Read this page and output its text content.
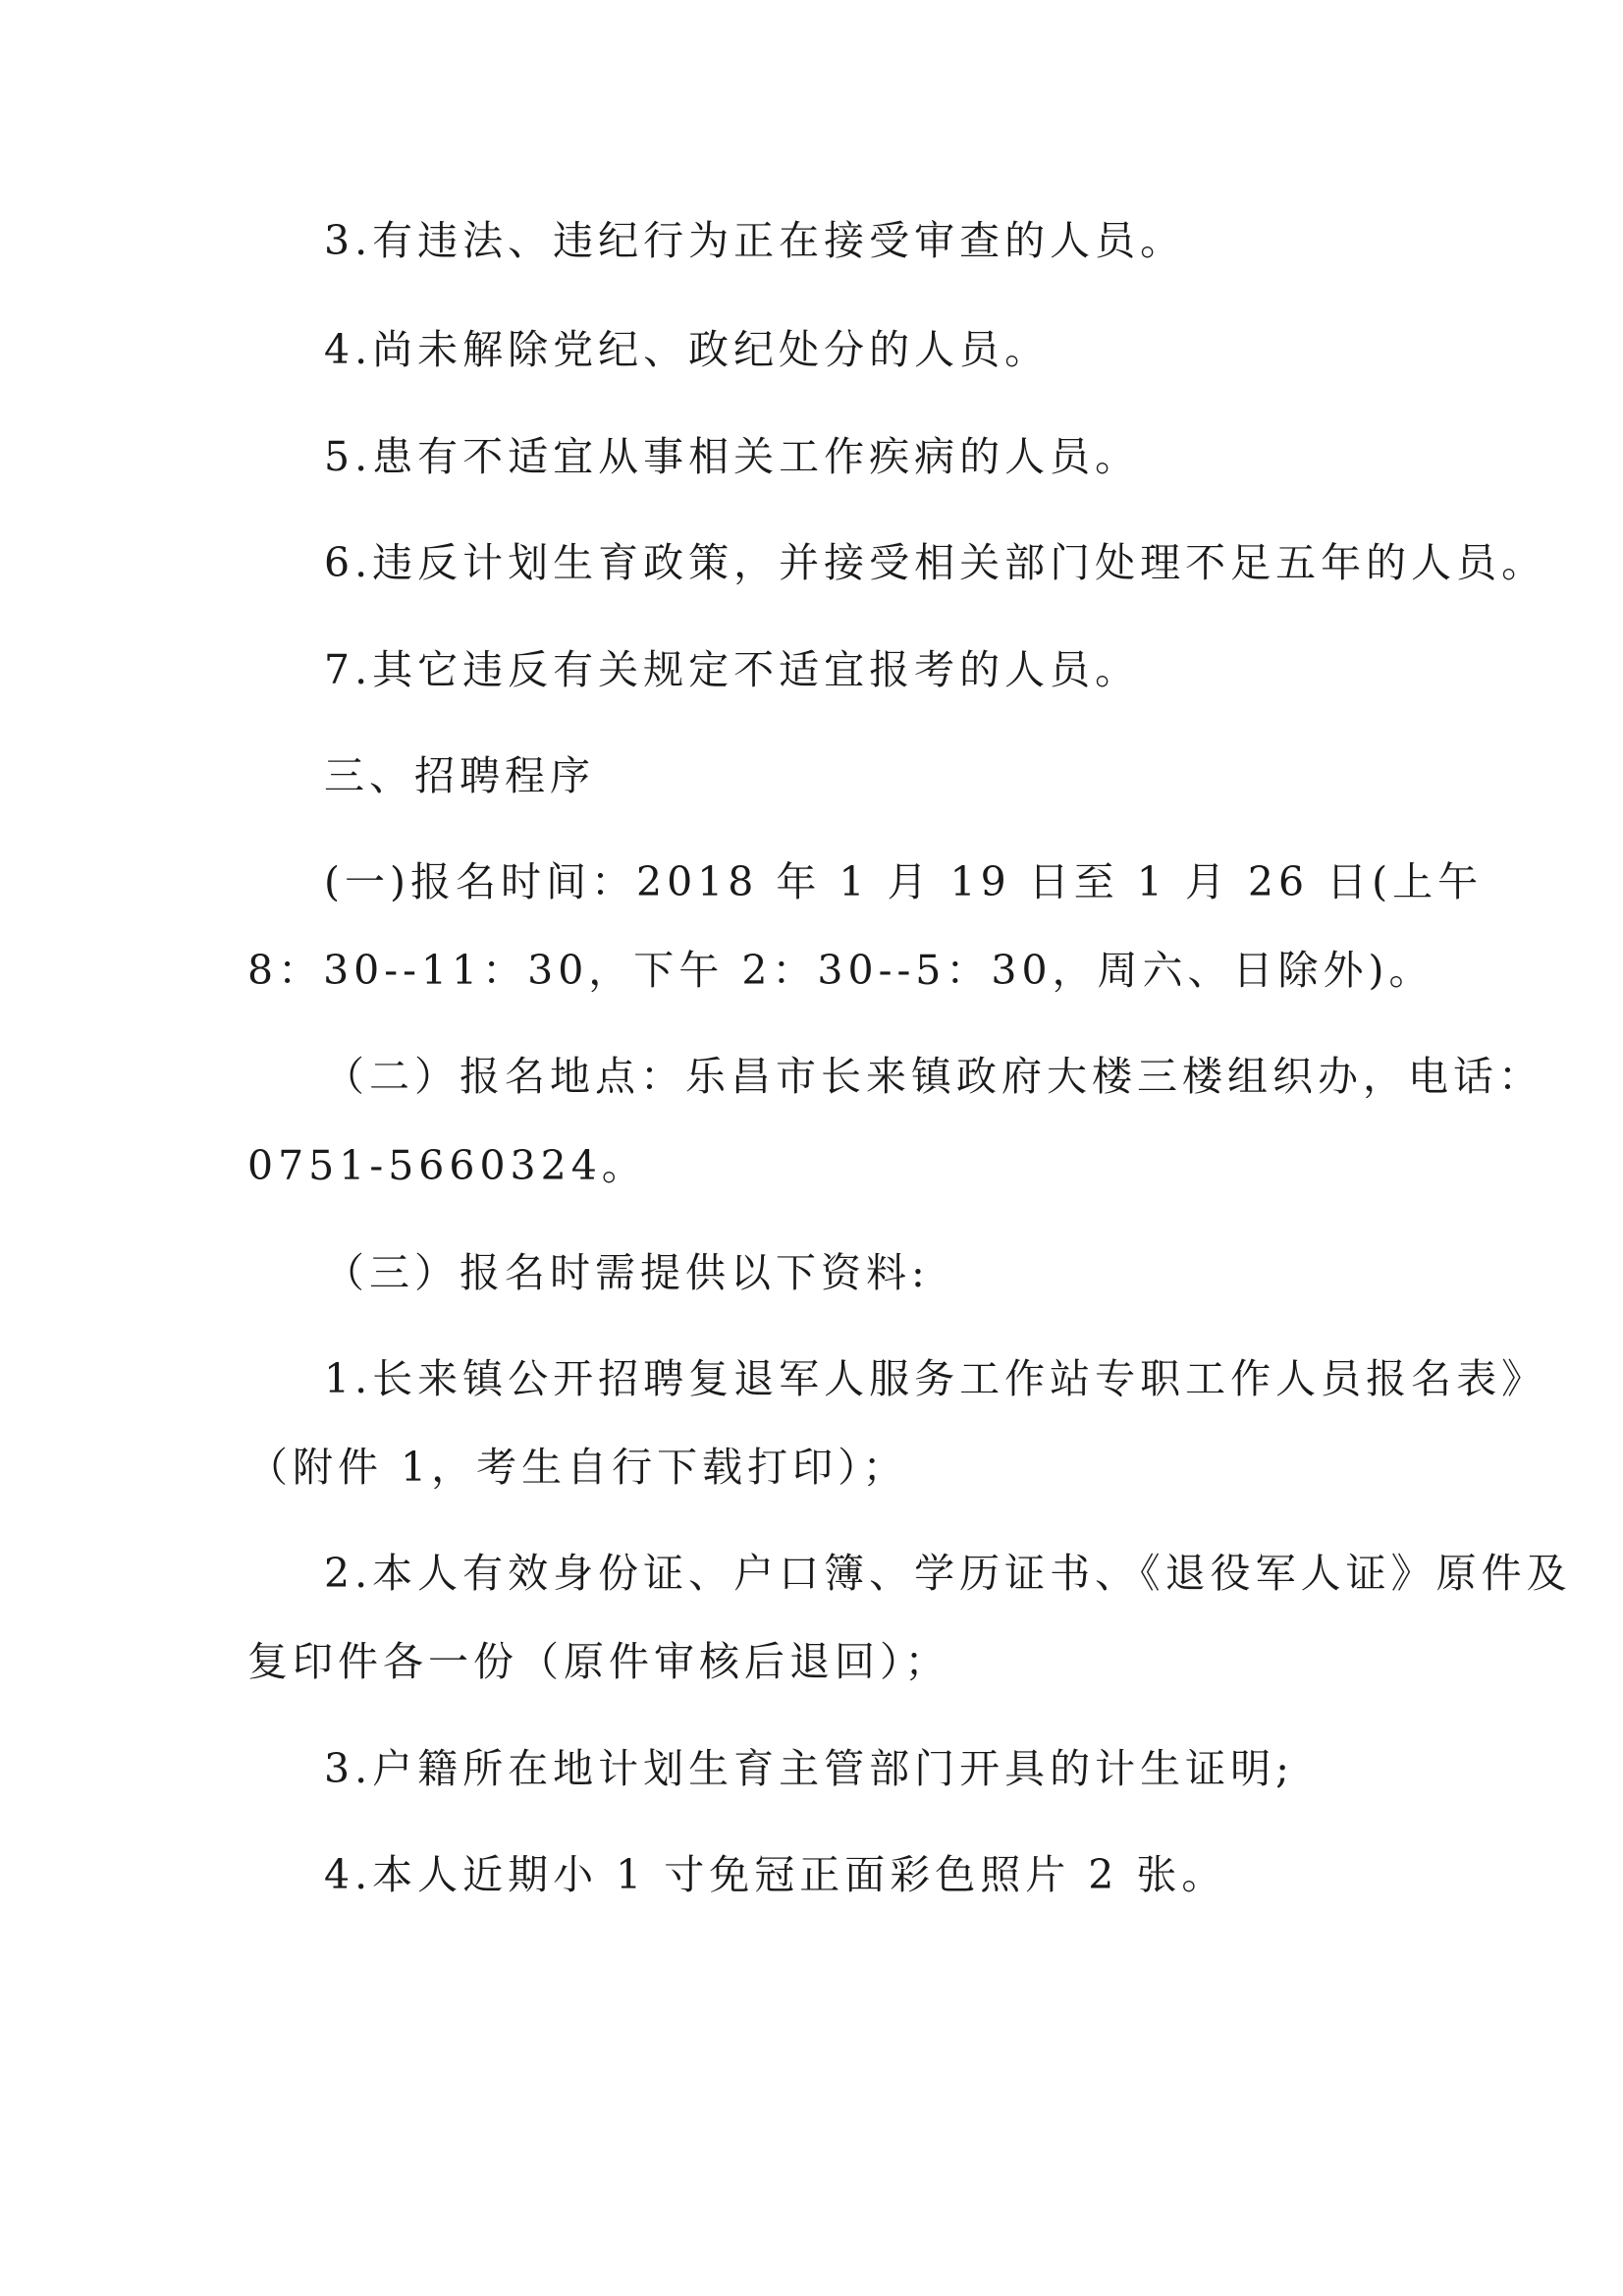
3.有违法、违纪行为正在接受审查的人员。
4.尚未解除党纪、政纪处分的人员。
5.患有不适宜从事相关工作疾病的人员。
6.违反计划生育政策，并接受相关部门处理不足五年的人员。
7.其它违反有关规定不适宜报考的人员。
三、招聘程序
(一)报名时间：2018 年 1 月 19 日至 1 月 26 日(上午
8：30--11：30，下午 2：30--5：30，周六、日除外)。
（二）报名地点：乐昌市长来镇政府大楼三楼组织办，电话：
0751-5660324。
（三）报名时需提供以下资料:
1.长来镇公开招聘复退军人服务工作站专职工作人员报名表》
（附件 1，考生自行下载打印）；
2.本人有效身份证、户口簿、学历证书、《退役军人证》原件及
复印件各一份（原件审核后退回）；
3.户籍所在地计划生育主管部门开具的计生证明;
4.本人近期小 1 寸免冠正面彩色照片 2 张。
